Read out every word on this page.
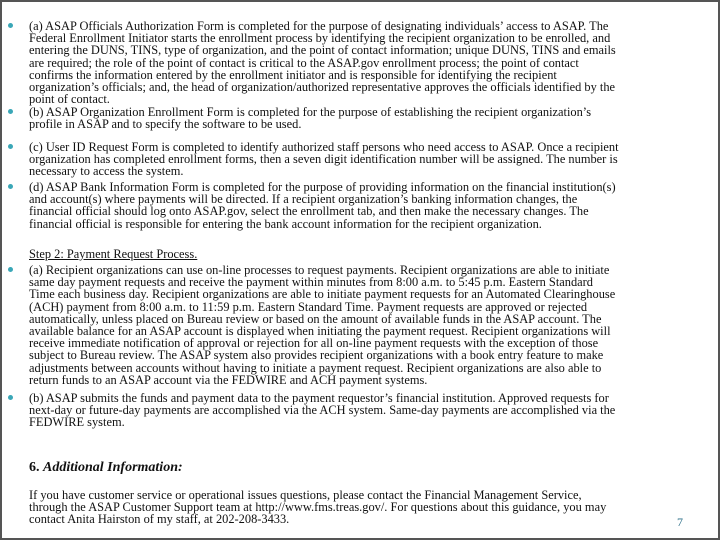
(a) ASAP Officials Authorization Form is completed for the purpose of designating individuals’ access to ASAP. The
Federal Enrollment Initiator starts the enrollment process by identifying the recipient organization to be enrolled, and
entering the DUNS, TINS, type of organization, and the point of contact information; unique DUNS, TINS and emails
are required; the role of the point of contact is critical to the ASAP.gov enrollment process; the point of contact
confirms the information entered by the enrollment initiator and is responsible for identifying the recipient
organization’s officials; and, the head of organization/authorized representative approves the officials identified by the
point of contact.
(b) ASAP Organization Enrollment Form is completed for the purpose of establishing the recipient organization’s
profile in ASAP and to specify the software to be used.
(c) User ID Request Form is completed to identify authorized staff persons who need access to ASAP. Once a recipient
organization has completed enrollment forms, then a seven digit identification number will be assigned. The number is
necessary to access the system.
(d) ASAP Bank Information Form is completed for the purpose of providing information on the financial institution(s)
and account(s) where payments will be directed. If a recipient organization’s banking information changes, the
financial official should log onto ASAP.gov, select the enrollment tab, and then make the necessary changes. The
financial official is responsible for entering the bank account information for the recipient organization.
Step 2: Payment Request Process.
(a) Recipient organizations can use on-line processes to request payments. Recipient organizations are able to initiate
same day payment requests and receive the payment within minutes from 8:00 a.m. to 5:45 p.m. Eastern Standard
Time each business day. Recipient organizations are able to initiate payment requests for an Automated Clearinghouse
(ACH) payment from 8:00 a.m. to 11:59 p.m. Eastern Standard Time. Payment requests are approved or rejected
automatically, unless placed on Bureau review or based on the amount of available funds in the ASAP account. The
available balance for an ASAP account is displayed when initiating the payment request. Recipient organizations will
receive immediate notification of approval or rejection for all on-line payment requests with the exception of those
subject to Bureau review. The ASAP system also provides recipient organizations with a book entry feature to make
adjustments between accounts without having to initiate a payment request. Recipient organizations are also able to
return funds to an ASAP account via the FEDWIRE and ACH payment systems.
(b) ASAP submits the funds and payment data to the payment requestor’s financial institution. Approved requests for
next-day or future-day payments are accomplished via the ACH system. Same-day payments are accomplished via the
FEDWIRE system.
6. Additional Information:
If you have customer service or operational issues questions, please contact the Financial Management Service,
through the ASAP Customer Support team at http://www.fms.treas.gov/. For questions about this guidance, you may
contact Anita Hairston of my staff, at 202-208-3433.	7
